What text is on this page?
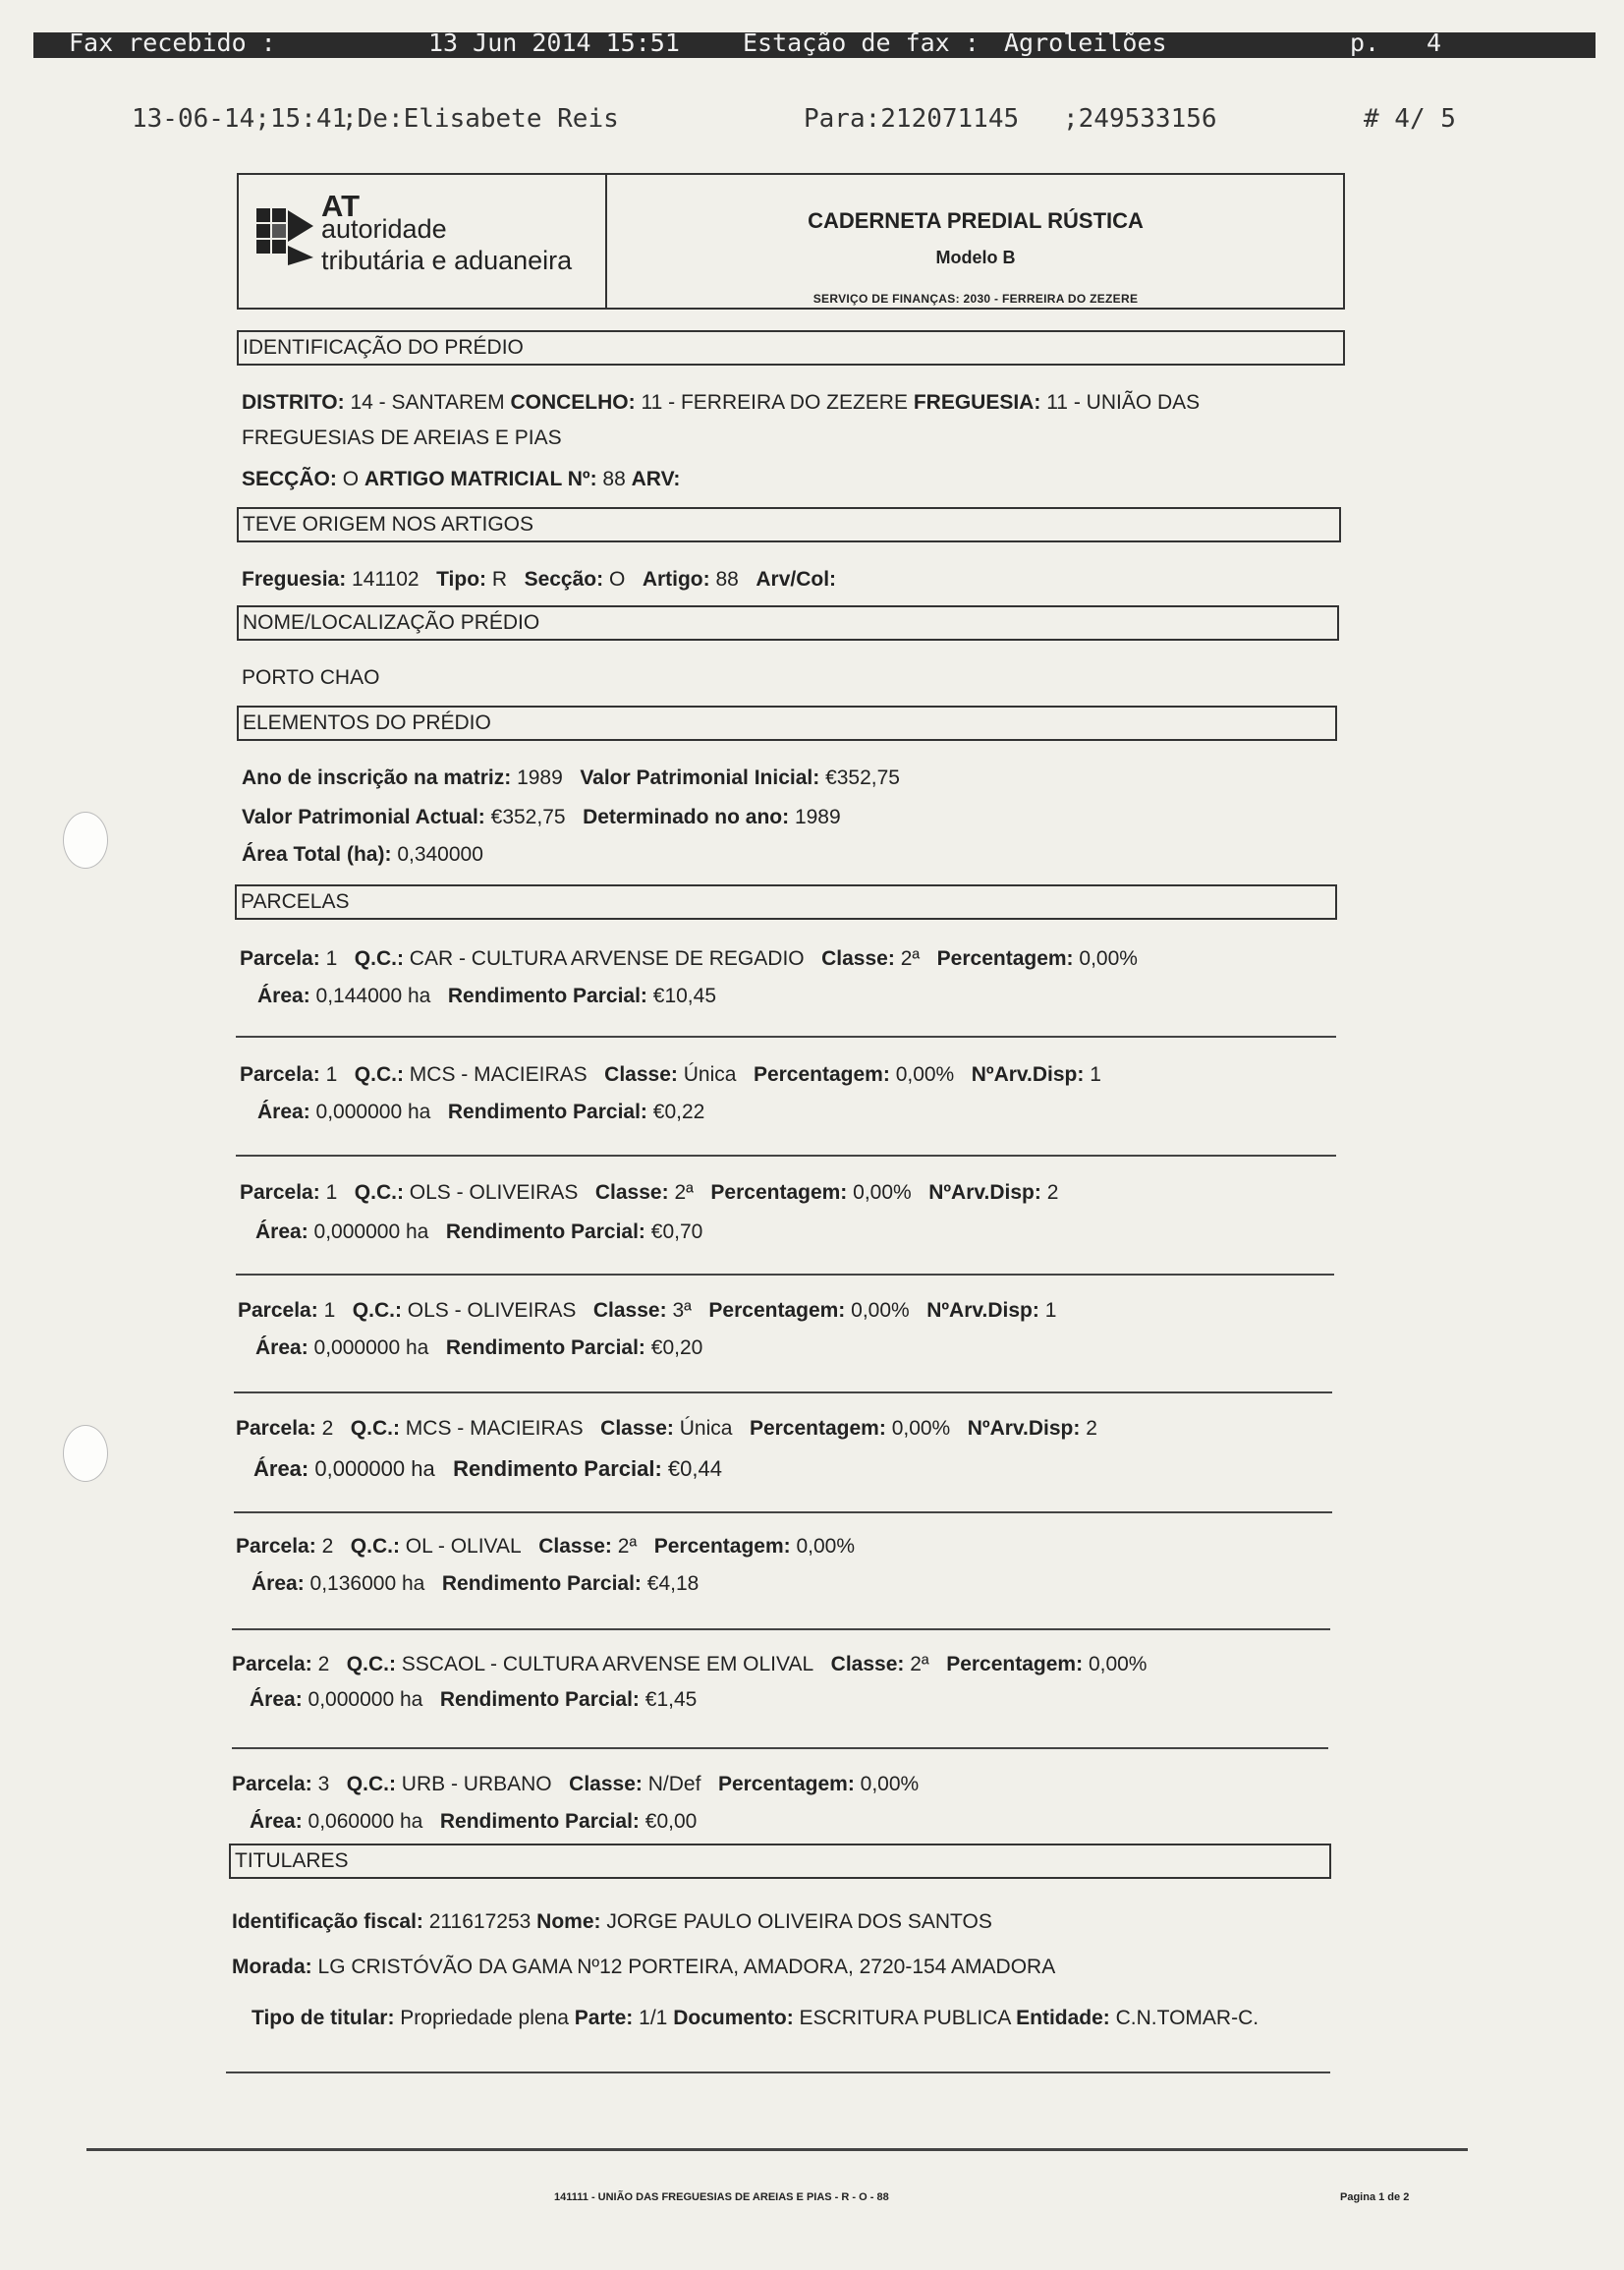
Fax recebido :	13 Jun 2014 15:51	Estação de fax : Agroleilões	p. 4
13-06-14;15:41
;De:Elisabete Reis	Para:212071145 ;249533156	# 4/ 5
AT
autoridade
tributária e aduaneira
CADERNETA PREDIAL RÚSTICA
Modelo B
SERVIÇO DE FINANÇAS: 2030 - FERREIRA DO ZEZERE
IDENTIFICAÇÃO DO PRÉDIO
DISTRITO: 14 - SANTAREM CONCELHO: 11 - FERREIRA DO ZEZERE FREGUESIA: 11 - UNIÃO DAS
FREGUESIAS DE AREIAS E PIAS
SECÇÃO: O ARTIGO MATRICIAL Nº: 88 ARV:
TEVE ORIGEM NOS ARTIGOS
Freguesia: 141102 Tipo: R Secção: O Artigo: 88 Arv/Col:
NOME/LOCALIZAÇÃO PRÉDIO
PORTO CHAO
ELEMENTOS DO PRÉDIO
Ano de inscrição na matriz: 1989 Valor Patrimonial Inicial: €352,75
Valor Patrimonial Actual: €352,75 Determinado no ano: 1989
Área Total (ha): 0,340000
PARCELAS
Parcela: 1 Q.C.: CAR - CULTURA ARVENSE DE REGADIO Classe: 2ª Percentagem: 0,00%
Área: 0,144000 ha Rendimento Parcial: €10,45
Parcela: 1 Q.C.: MCS - MACIEIRAS Classe: Única Percentagem: 0,00% NºArv.Disp: 1
Área: 0,000000 ha Rendimento Parcial: €0,22
Parcela: 1 Q.C.: OLS - OLIVEIRAS Classe: 2ª Percentagem: 0,00% NºArv.Disp: 2
Área: 0,000000 ha Rendimento Parcial: €0,70
Parcela: 1 Q.C.: OLS - OLIVEIRAS Classe: 3ª Percentagem: 0,00% NºArv.Disp: 1
Área: 0,000000 ha Rendimento Parcial: €0,20
Parcela: 2 Q.C.: MCS - MACIEIRAS Classe: Única Percentagem: 0,00% NºArv.Disp: 2
Área: 0,000000 ha Rendimento Parcial: €0,44
Parcela: 2 Q.C.: OL - OLIVAL Classe: 2ª Percentagem: 0,00%
Área: 0,136000 ha Rendimento Parcial: €4,18
Parcela: 2 Q.C.: SSCAOL - CULTURA ARVENSE EM OLIVAL Classe: 2ª Percentagem: 0,00%
Área: 0,000000 ha Rendimento Parcial: €1,45
Parcela: 3 Q.C.: URB - URBANO Classe: N/Def Percentagem: 0,00%
Área: 0,060000 ha Rendimento Parcial: €0,00
TITULARES
Identificação fiscal: 211617253 Nome: JORGE PAULO OLIVEIRA DOS SANTOS
Morada: LG CRISTÓVÃO DA GAMA Nº12 PORTEIRA, AMADORA, 2720-154 AMADORA
Tipo de titular: Propriedade plena Parte: 1/1 Documento: ESCRITURA PUBLICA Entidade: C.N.TOMAR-C.
141111 - UNIÃO DAS FREGUESIAS DE AREIAS E PIAS - R - O - 88	Pagina 1 de 2
